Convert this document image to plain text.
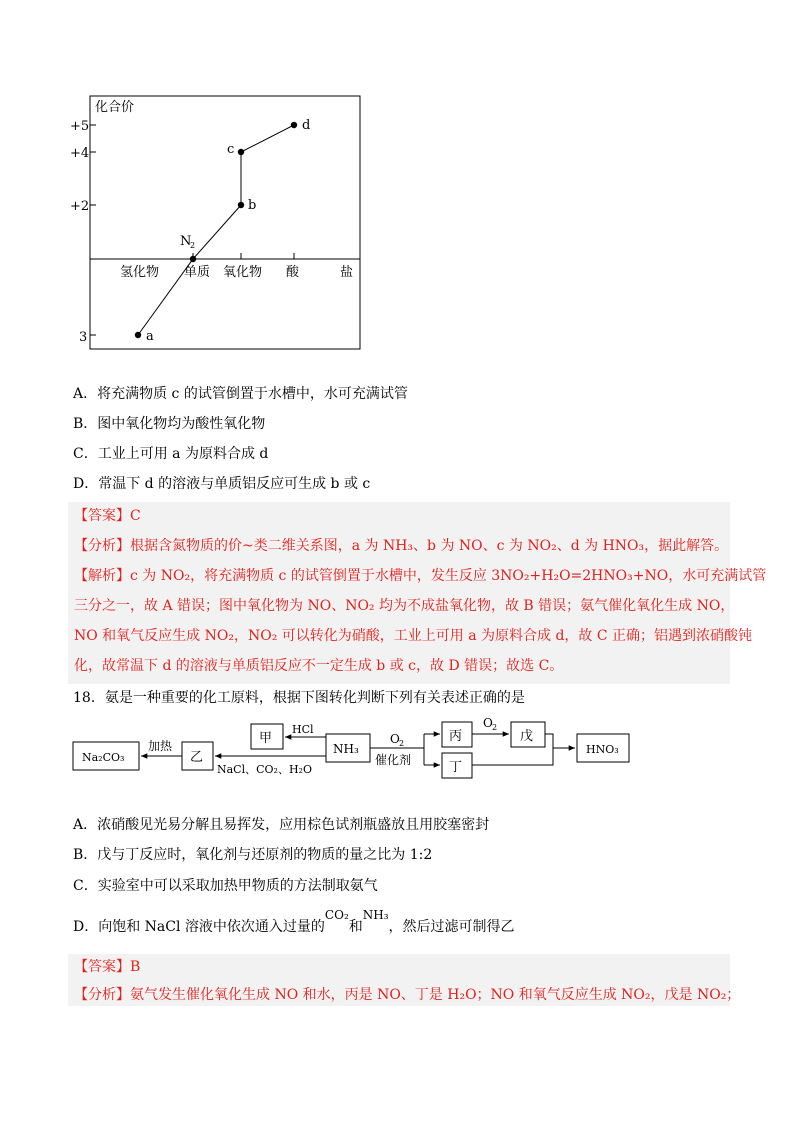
化合价
+5
+4
+2
3
氢化物 单质 氧化物 酸	盐
a
N
2
b
c
d
A．将充满物质 c 的试管倒置于水槽中，水可充满试管
B．图中氧化物均为酸性氧化物
C．工业上可用 a 为原料合成 d
D．常温下 d 的溶液与单质铝反应可生成 b 或 c
【答案】C
【分析】根据含氮物质的价~类二维关系图，a 为 NH₃、b 为 NO、c 为 NO₂、d 为 HNO₃，据此解答。
【解析】c 为 NO₂，将充满物质 c 的试管倒置于水槽中，发生反应 3NO₂+H₂O=2HNO₃+NO，水可充满试管
三分之一，故 A 错误；图中氧化物为 NO、NO₂ 均为不成盐氧化物，故 B 错误；氨气催化氧化生成 NO，
NO 和氧气反应生成 NO₂，NO₂ 可以转化为硝酸，工业上可用 a 为原料合成 d，故 C 正确；铝遇到浓硝酸钝
化，故常温下 d 的溶液与单质铝反应不一定生成 b 或 c，故 D 错误；故选 C。
18．氨是一种重要的化工原料，根据下图转化判断下列有关表述正确的是
Na₂CO₃
加热
乙
NaCl、CO₂、H₂O
甲
HCl
NH₃
O 2
催化剂
丙
丁
O 2
戊
HNO₃
A．浓硝酸见光易分解且易挥发，应用棕色试剂瓶盛放且用胶塞密封
B．戊与丁反应时，氧化剂与还原剂的物质的量之比为 1:2
C．实验室中可以采取加热甲物质的方法制取氨气
D．向饱和 NaCl 溶液中依次通入过量的CO₂和NH₃，然后过滤可制得乙
【答案】B
【分析】氨气发生催化氧化生成 NO 和水，丙是 NO、丁是 H₂O；NO 和氧气反应生成 NO₂，戊是 NO₂；
